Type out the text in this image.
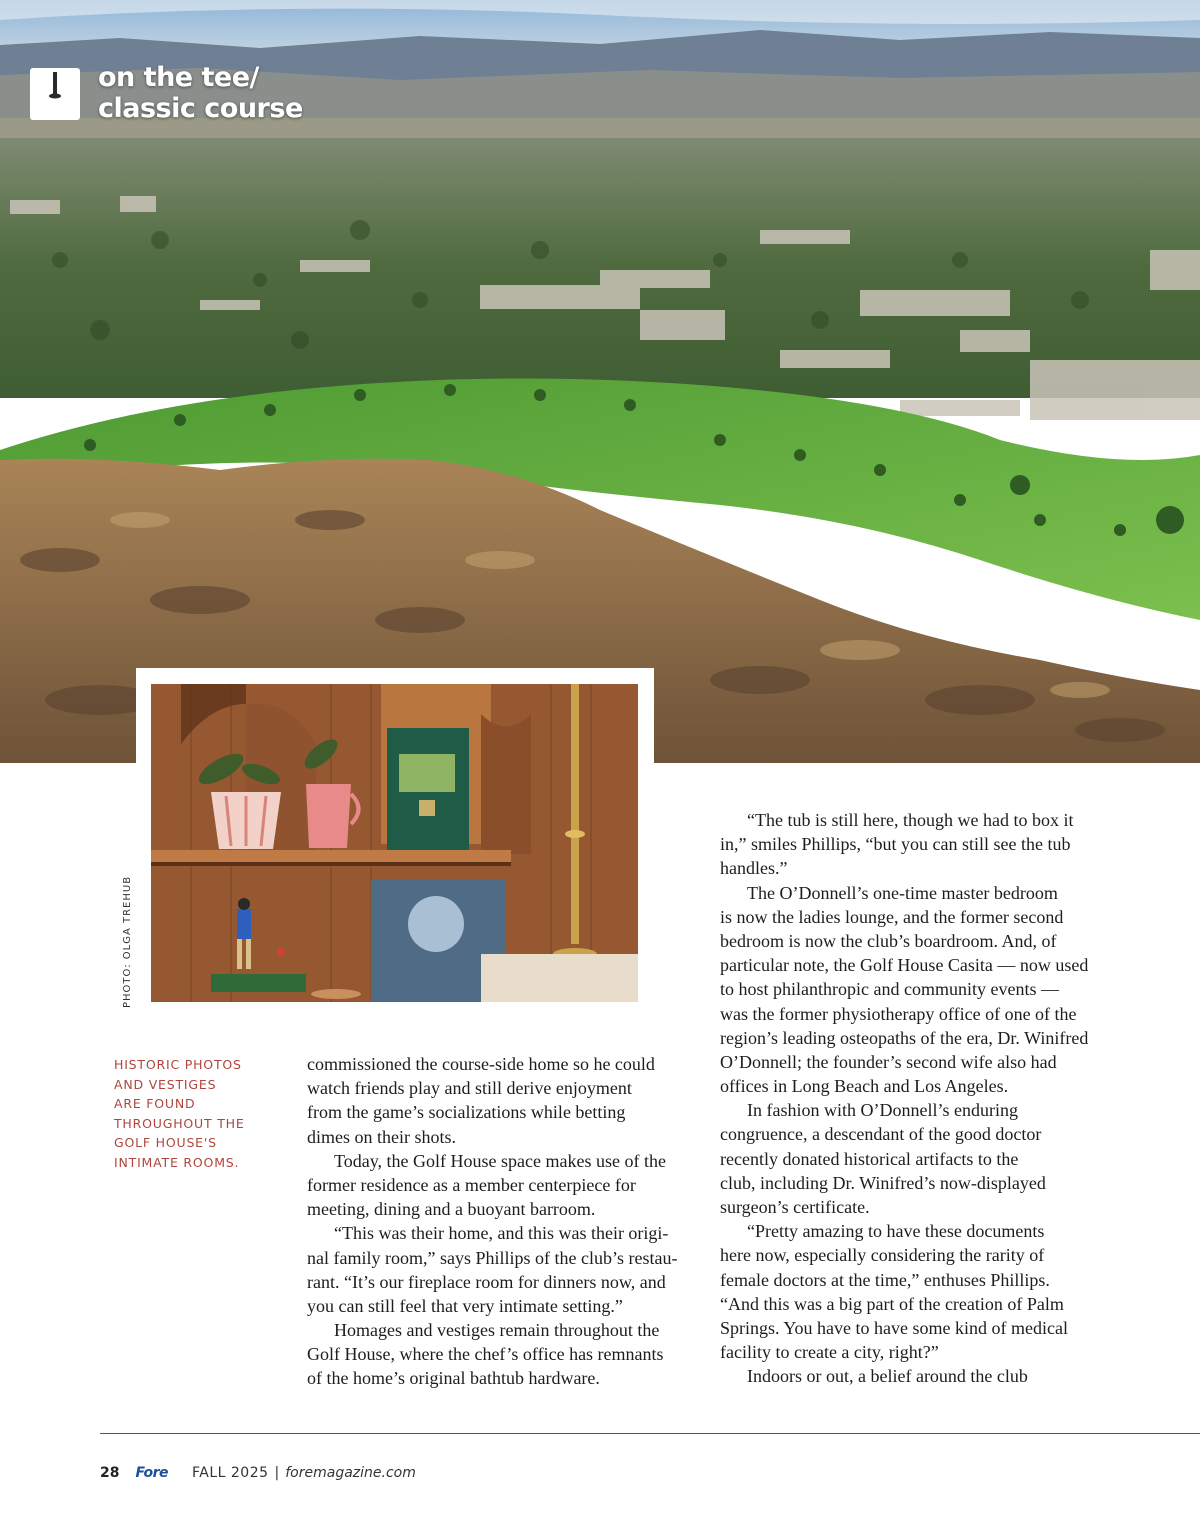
on the tee/
classic course
PHOTO: OLGA TREHUB
HISTORIC PHOTOS
AND VESTIGES
ARE FOUND
THROUGHOUT THE
GOLF HOUSE'S
INTIMATE ROOMS.
commissioned the course-side home so he could
watch friends play and still derive enjoyment
from the game’s socializations while betting
dimes on their shots.
Today, the Golf House space makes use of the
former residence as a member centerpiece for
meeting, dining and a buoyant barroom.
“This was their home, and this was their origi-
nal family room,” says Phillips of the club’s restau-
rant. “It’s our fireplace room for dinners now, and
you can still feel that very intimate setting.”
Homages and vestiges remain throughout the
Golf House, where the chef’s office has remnants
of the home’s original bathtub hardware.
“The tub is still here, though we had to box it
in,” smiles Phillips, “but you can still see the tub
handles.”
The O’Donnell’s one-time master bedroom
is now the ladies lounge, and the former second
bedroom is now the club’s boardroom. And, of
particular note, the Golf House Casita — now used
to host philanthropic and community events —
was the former physiotherapy office of one of the
region’s leading osteopaths of the era, Dr. Winifred
O’Donnell; the founder’s second wife also had
offices in Long Beach and Los Angeles.
In fashion with O’Donnell’s enduring
congruence, a descendant of the good doctor
recently donated historical artifacts to the
club, including Dr. Winifred’s now-displayed
surgeon’s certificate.
“Pretty amazing to have these documents
here now, especially considering the rarity of
female doctors at the time,” enthuses Phillips.
“And this was a big part of the creation of Palm
Springs. You have to have some kind of medical
facility to create a city, right?”
Indoors or out, a belief around the club
28 Fore FALL 2025 | foremagazine.com
